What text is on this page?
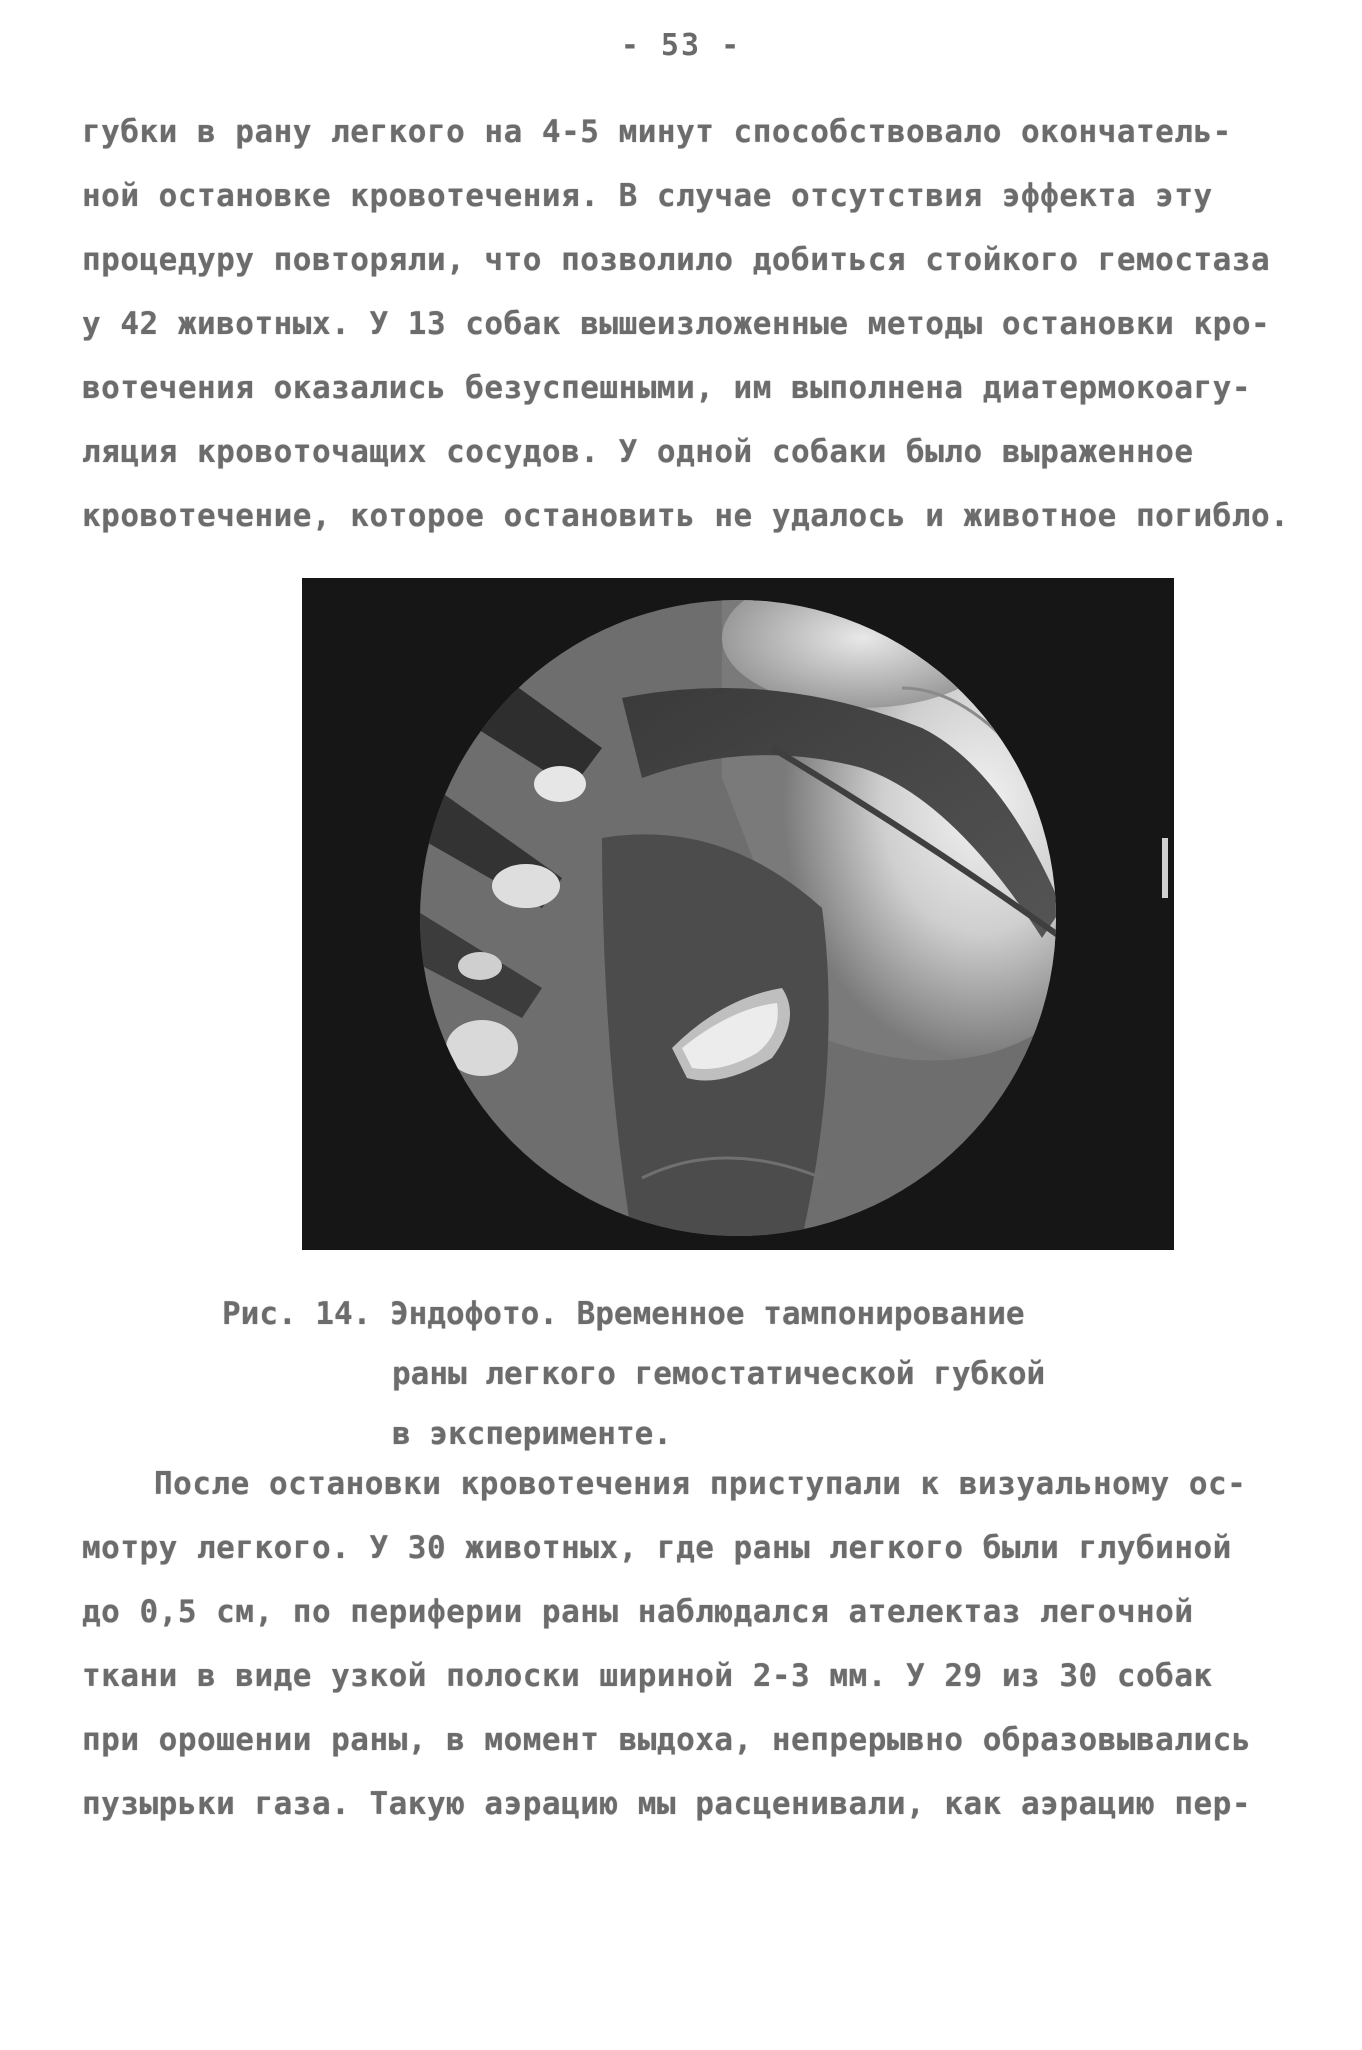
- 53 -
губки в рану легкого на 4-5 минут способствовало окончатель-
ной остановке кровотечения. В случае отсутствия эффекта эту
процедуру повторяли, что позволило добиться стойкого гемостаза
у 42 животных. У 13 собак вышеизложенные методы остановки кро-
вотечения оказались безуспешными, им выполнена диатермокоагу-
ляция кровоточащих сосудов. У одной собаки было выраженное
кровотечение, которое остановить не удалось и животное погибло.
Рис. 14. Эндофото. Временное тампонирование
раны легкого гемостатической губкой
в эксперименте.
После остановки кровотечения приступали к визуальному ос-
мотру легкого. У 30 животных, где раны легкого были глубиной
до 0,5 см, по периферии раны наблюдался ателектаз легочной
ткани в виде узкой полоски шириной 2-3 мм. У 29 из 30 собак
при орошении раны, в момент выдоха, непрерывно образовывались
пузырьки газа. Такую аэрацию мы расценивали, как аэрацию пер-
